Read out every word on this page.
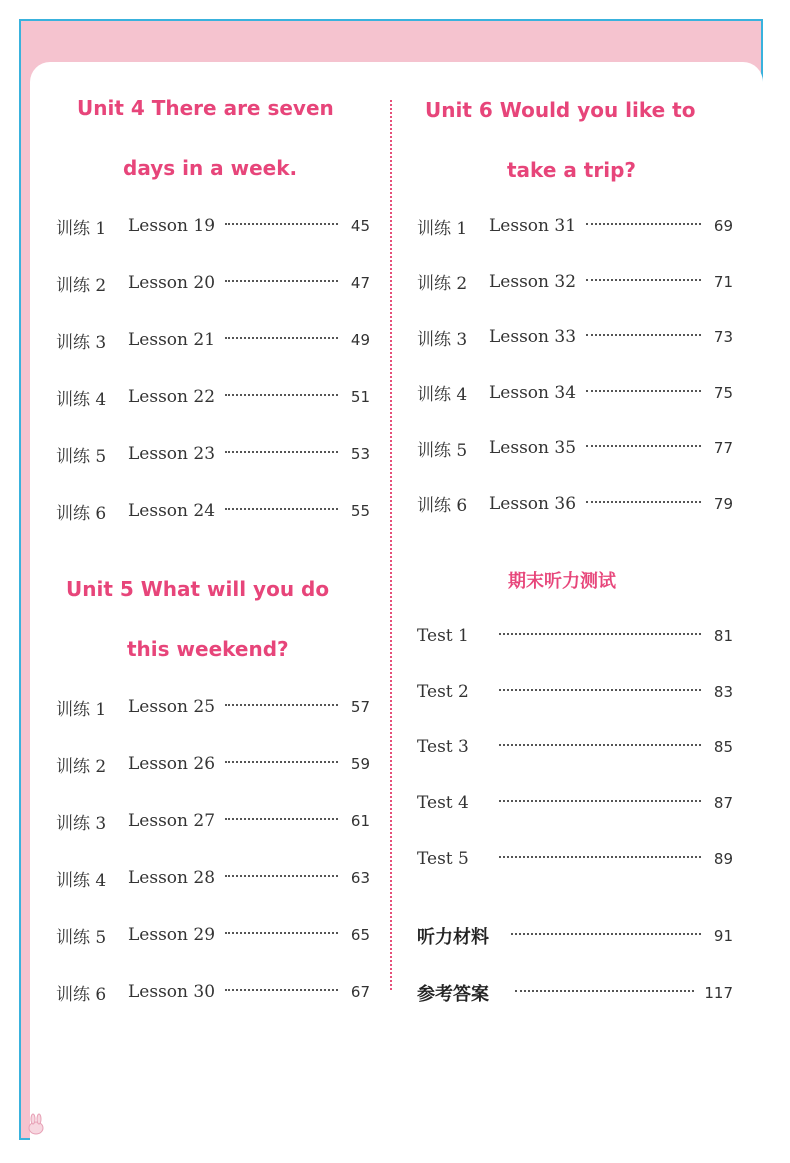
Unit 4 There are seven
days in a week.
训练 1	Lesson 19	45
训练 2	Lesson 20	47
训练 3	Lesson 21	49
训练 4	Lesson 22	51
训练 5	Lesson 23	53
训练 6	Lesson 24	55
Unit 5 What will you do
this weekend?
训练 1	Lesson 25	57
训练 2	Lesson 26	59
训练 3	Lesson 27	61
训练 4	Lesson 28	63
训练 5	Lesson 29	65
训练 6	Lesson 30	67
Unit 6 Would you like to
take a trip?
训练 1	Lesson 31	69
训练 2	Lesson 32	71
训练 3	Lesson 33	73
训练 4	Lesson 34	75
训练 5	Lesson 35	77
训练 6	Lesson 36	79
期末听力测试
Test 1	81
Test 2	83
Test 3	85
Test 4	87
Test 5	89
听力材料	91
参考答案	117
